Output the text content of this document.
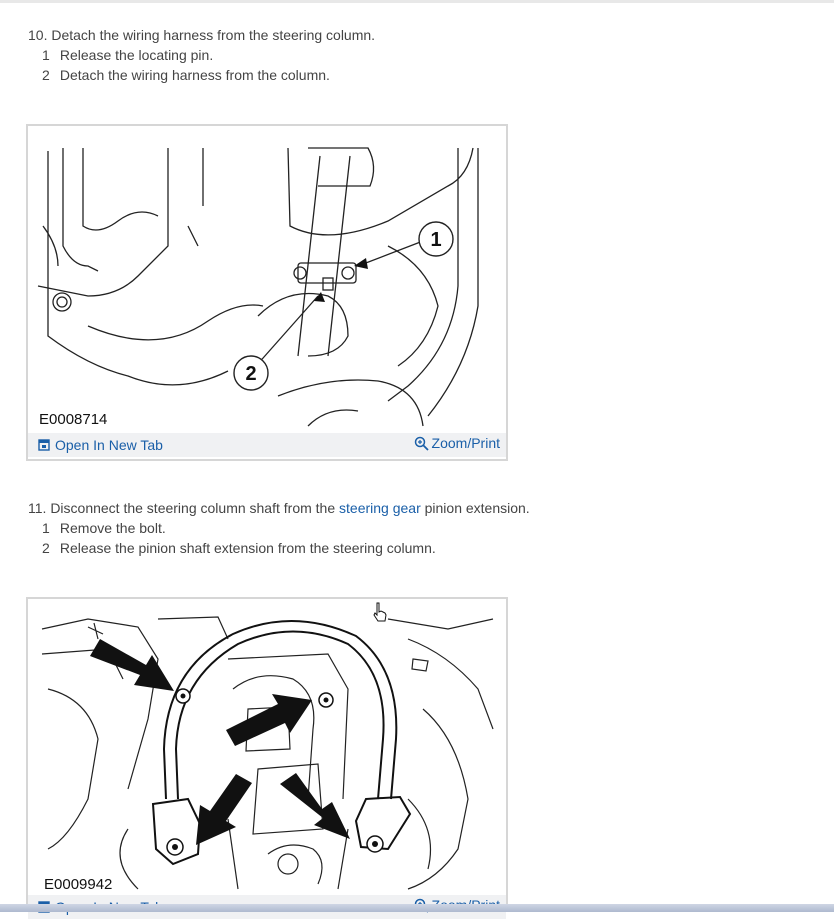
10. Detach the wiring harness from the steering column.
1 Release the locating pin.
2 Detach the wiring harness from the column.
1
2
E0008714
Open In New Tab	Zoom/Print
11. Disconnect the steering column shaft from the steering gear pinion extension.
1 Remove the bolt.
2 Release the pinion shaft extension from the steering column.
E0009942
